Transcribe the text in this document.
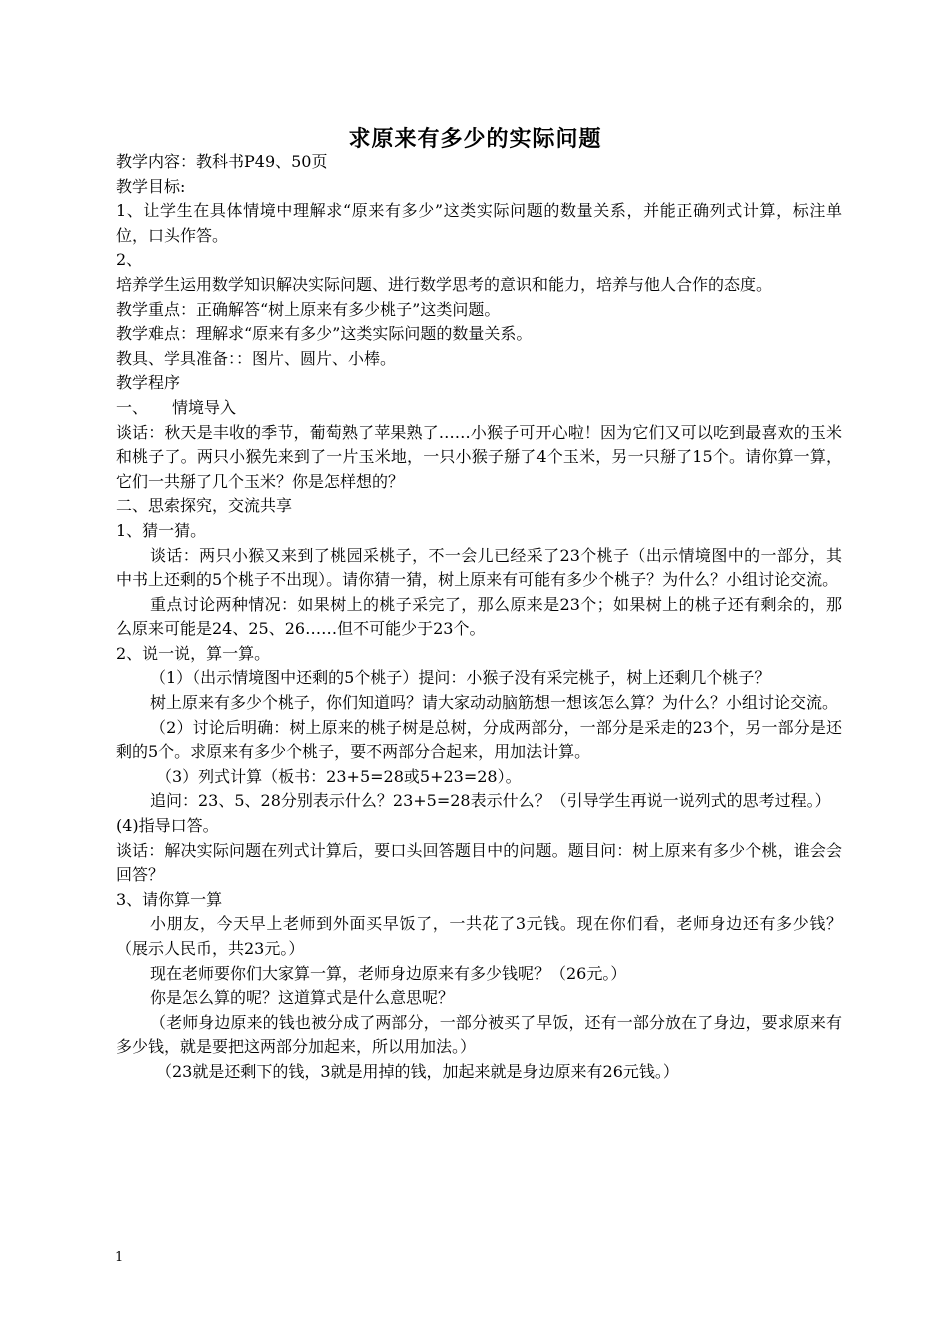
求原来有多少的实际问题

教学内容：教科书P49、50页

教学目标:

1、让学生在具体情境中理解求“原来有多少”这类实际问题的数量关系，并能正确列式计算，标注单位，口头作答。

2、

培养学生运用数学知识解决实际问题、进行数学思考的意识和能力，培养与他人合作的态度。

教学重点：正确解答“树上原来有多少桃子”这类问题。

教学难点：理解求“原来有多少”这类实际问题的数量关系。

教具、学具准备：：图片、圆片、小棒。

教学程序

一、　　情境导入

谈话：秋天是丰收的季节，葡萄熟了苹果熟了……小猴子可开心啦！因为它们又可以吃到最喜欢的玉米和桃子了。两只小猴先来到了一片玉米地，一只小猴子掰了4个玉米，另一只掰了15个。请你算一算，它们一共掰了几个玉米？你是怎样想的？

二、思索探究，交流共享

1、猜一猜。

谈话：两只小猴又来到了桃园采桃子，不一会儿已经采了23个桃子（出示情境图中的一部分，其中书上还剩的5个桃子不出现）。请你猜一猜，树上原来有可能有多少个桃子？为什么？小组讨论交流。

重点讨论两种情况：如果树上的桃子采完了，那么原来是23个；如果树上的桃子还有剩余的，那么原来可能是24、25、26……但不可能少于23个。

2、说一说，算一算。

（1）（出示情境图中还剩的5个桃子）提问：小猴子没有采完桃子，树上还剩几个桃子？

树上原来有多少个桃子，你们知道吗？请大家动动脑筋想一想该怎么算？为什么？小组讨论交流。

（2）讨论后明确：树上原来的桃子树是总树，分成两部分，一部分是采走的23个，另一部分是还剩的5个。求原来有多少个桃子，要不两部分合起来，用加法计算。

（3）列式计算（板书：23+5=28或5+23=28）。

追问：23、5、28分别表示什么？23+5=28表示什么？（引导学生再说一说列式的思考过程。）

(4)指导口答。

谈话：解决实际问题在列式计算后，要口头回答题目中的问题。题目问：树上原来有多少个桃，谁会会回答？

3、请你算一算

小朋友，今天早上老师到外面买早饭了，一共花了3元钱。现在你们看，老师身边还有多少钱？（展示人民币，共23元。）

现在老师要你们大家算一算，老师身边原来有多少钱呢？（26元。）

你是怎么算的呢？这道算式是什么意思呢？

（老师身边原来的钱也被分成了两部分，一部分被买了早饭，还有一部分放在了身边，要求原来有多少钱，就是要把这两部分加起来，所以用加法。）

（23就是还剩下的钱，3就是用掉的钱，加起来就是身边原来有26元钱。）

1
